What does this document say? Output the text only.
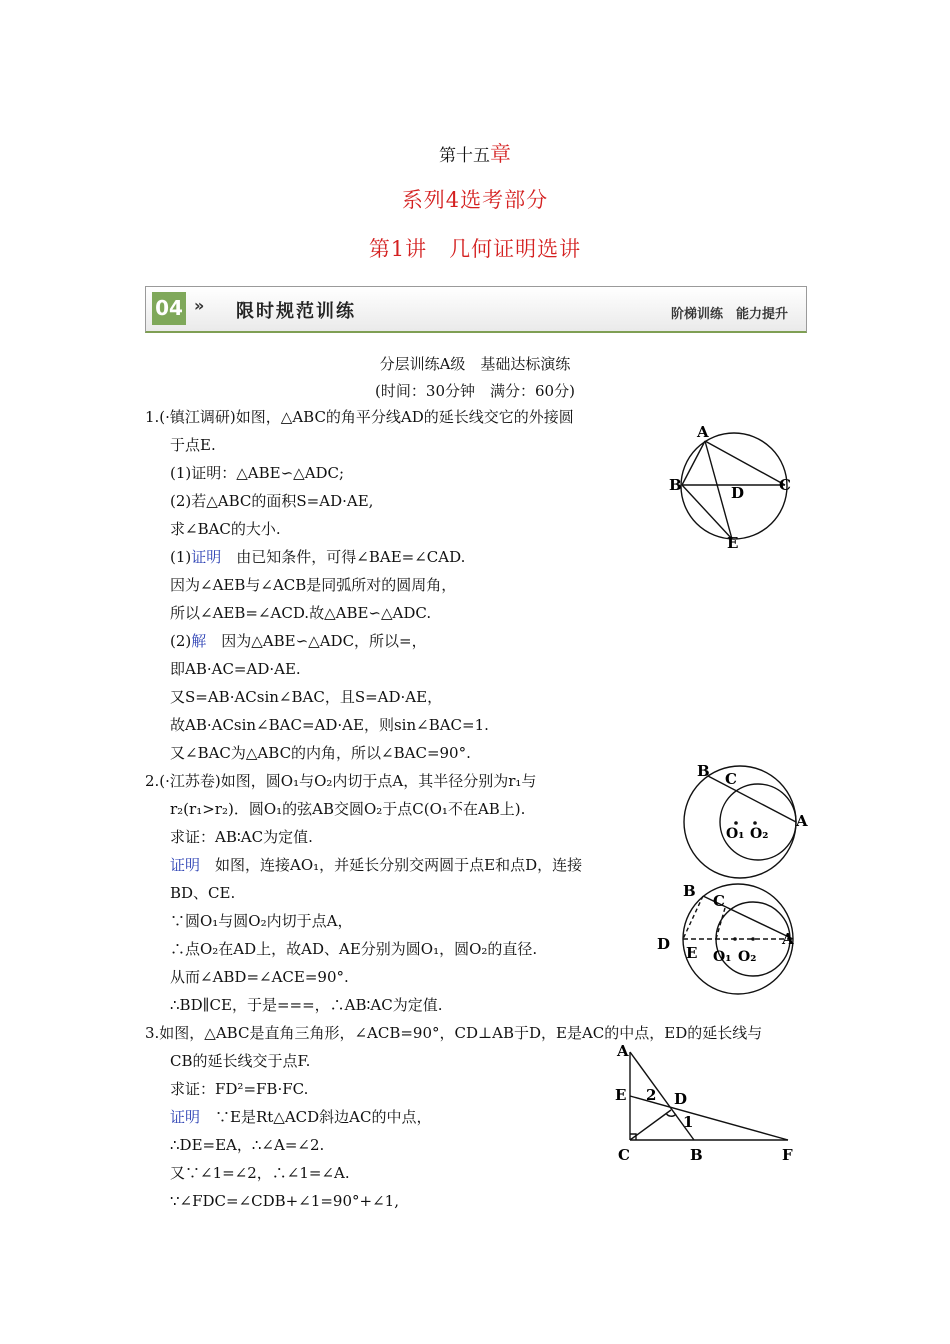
第十五章
系列4选考部分
第1讲　几何证明选讲
04 » 限时规范训练	阶梯训练　能力提升
分层训练A级　基础达标演练
(时间：30分钟　满分：60分)
1.(·镇江调研)如图，△ABC的角平分线AD的延长线交它的外接圆
于点E.
(1)证明：△ABE∽△ADC;
(2)若△ABC的面积S=AD·AE,
求∠BAC的大小.
(1)证明　由已知条件，可得∠BAE=∠CAD.
因为∠AEB与∠ACB是同弧所对的圆周角，
所以∠AEB=∠ACD.故△ABE∽△ADC.
(2)解　因为△ABE∽△ADC，所以=，
即AB·AC=AD·AE.
又S=AB·ACsin∠BAC，且S=AD·AE，
故AB·ACsin∠BAC=AD·AE，则sin∠BAC=1.
又∠BAC为△ABC的内角，所以∠BAC=90°.
2.(·江苏卷)如图，圆O₁与O₂内切于点A，其半径分别为r₁与
r₂(r₁>r₂)．圆O₁的弦AB交圆O₂于点C(O₁不在AB上).
求证：AB∶AC为定值.
证明　如图，连接AO₁，并延长分别交两圆于点E和点D，连接
BD、CE.
∵圆O₁与圆O₂内切于点A，
∴点O₂在AD上，故AD、AE分别为圆O₁，圆O₂的直径.
从而∠ABD=∠ACE=90°.
∴BD∥CE，于是===，∴AB∶AC为定值.
3.如图，△ABC是直角三角形，∠ACB=90°，CD⊥AB于D，E是AC的中点，ED的延长线与
CB的延长线交于点F.
求证：FD²=FB·FC.
证明　∵E是Rt△ACD斜边AC的中点，
∴DE=EA，∴∠A=∠2.
又∵∠1=∠2，∴∠1=∠A.
∵∠FDC=∠CDB+∠1=90°+∠1,
A
B	C
D
E
B C
A
O₁ O₂
B
C
A
D E O₁ O₂
A
E	D
2
1
C	B	F
